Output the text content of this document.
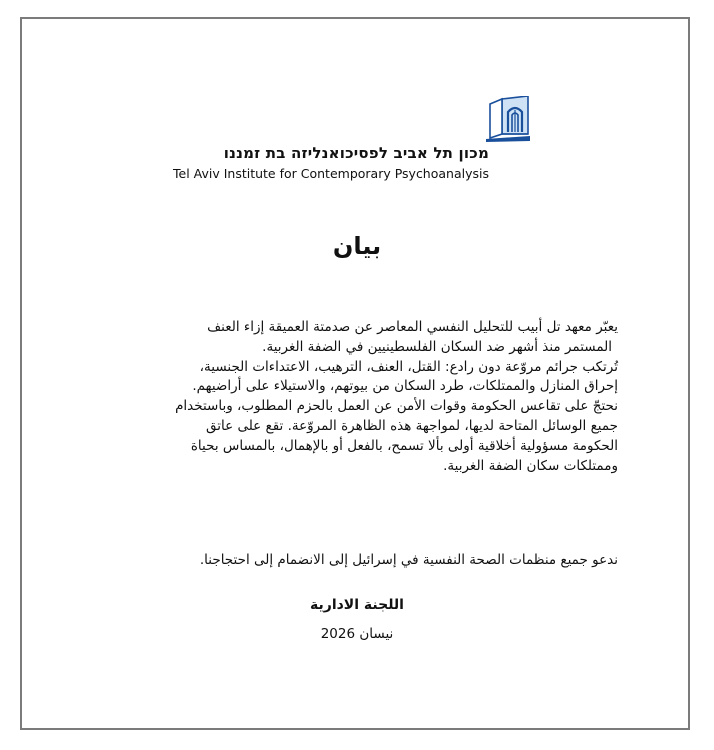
מכון תל אביב לפסיכואנליזה בת זמננו
Tel Aviv Institute for Contemporary Psychoanalysis
بيان

يعبّر معهد تل أبيب للتحليل النفسي المعاصر عن صدمتة العميقة إزاء العنف

المستمر منذ أشهر ضد السكان الفلسطينيين في الضفة الغربية.

تُرتكب جرائم مروّعة دون رادع: القتل، العنف، الترهيب، الاعتداءات الجنسية،

إحراق المنازل والممتلكات، طرد السكان من بيوتهم، والاستيلاء على أراضيهم.

نحتجّ على تقاعس الحكومة وقوات الأمن عن العمل بالحزم المطلوب، وباستخدام

جميع الوسائل المتاحة لديها، لمواجهة هذه الظاهرة المروّعة. تقع على عاتق

الحكومة مسؤولية أخلاقية أولى بألا تسمح، بالفعل أو بالإهمال، بالمساس بحياة

وممتلكات سكان الضفة الغربية.

ندعو جميع منظمات الصحة النفسية في إسرائيل إلى الانضمام إلى احتجاجنا.
اللجنة الادارية
نيسان 2026
